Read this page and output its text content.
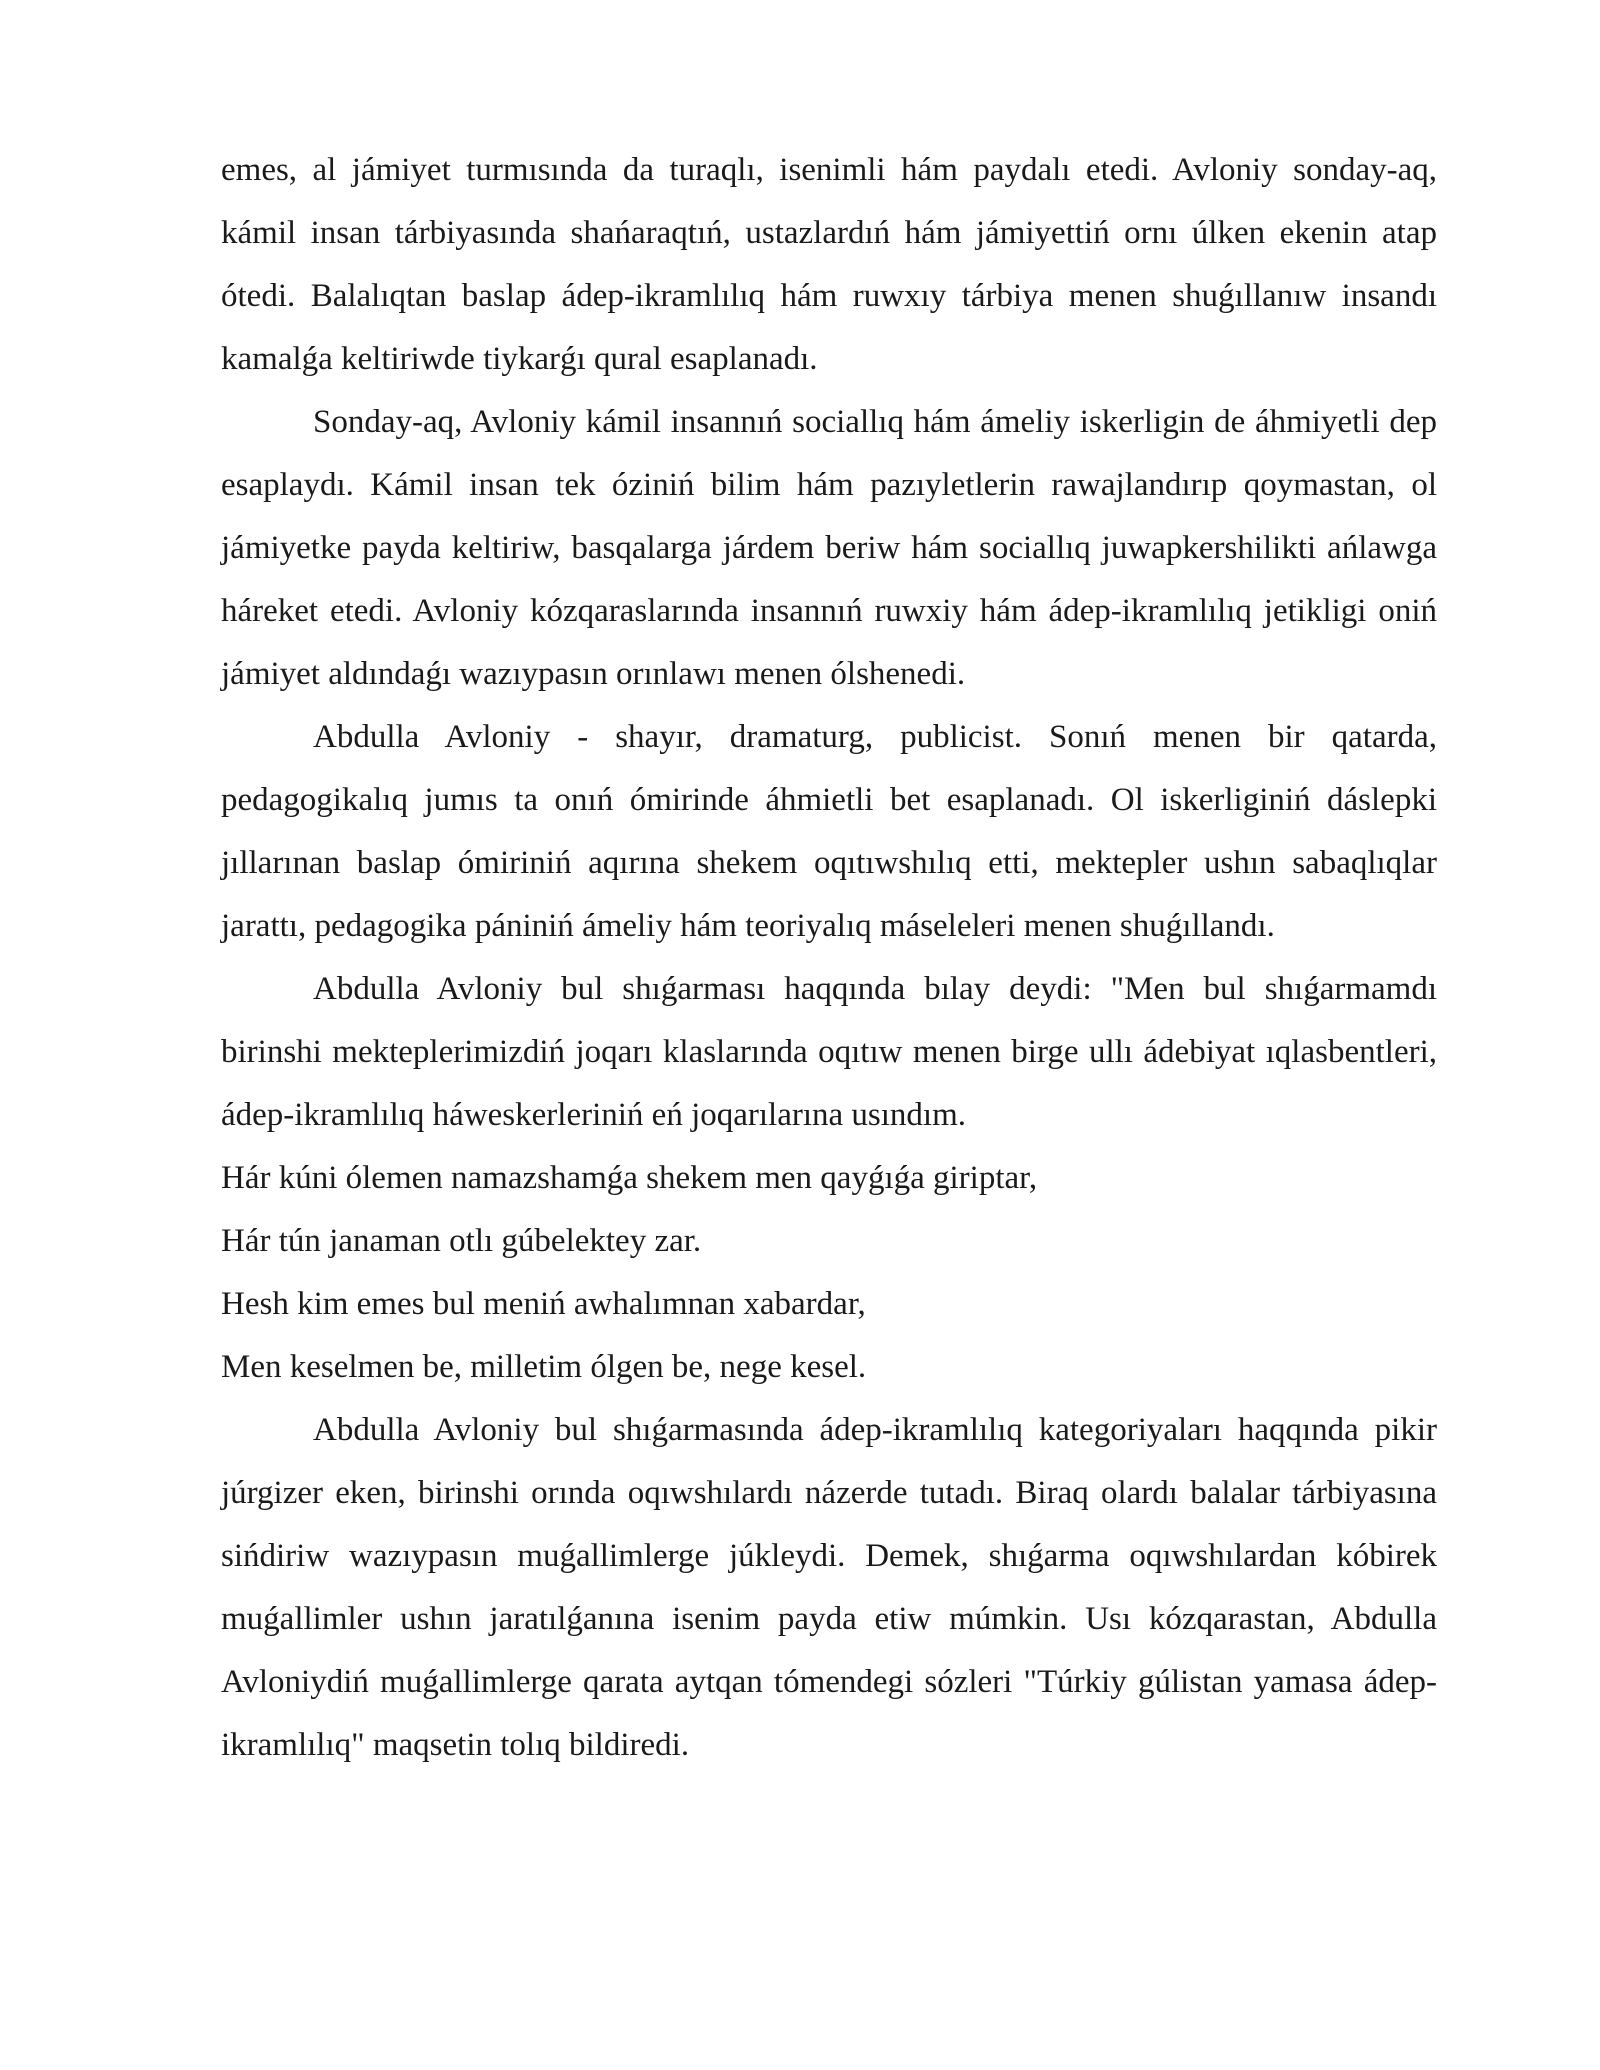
emes, al jámiyet turmısında da turaqlı, isenimli hám paydalı etedi. Avloniy sonday-aq, kámil insan tárbiyasında shańaraqtıń, ustazlardıń hám jámiyettiń ornı úlken ekenin atap ótedi. Balalıqtan baslap ádep-ikramlılıq hám ruwxıy tárbiya menen shuǵıllanıw insandı kamalǵa keltiriwde tiykarǵı qural esaplanadı.

Sonday-aq, Avloniy kámil insannıń sociallıq hám ámeliy iskerligin de áhmiyetli dep esaplaydı. Kámil insan tek óziniń bilim hám pazıyletlerin rawajlandırıp qoymastan, ol jámiyetke payda keltiriw, basqalarga járdem beriw hám sociallıq juwapkershilikti ańlawga háreket etedi. Avloniy kózqaraslarında insannıń ruwxiy hám ádep-ikramlılıq jetikligi oniń jámiyet aldındaǵı wazıypasın orınlawı menen ólshenedi.

Abdulla Avloniy - shayır, dramaturg, publicist. Sonıń menen bir qatarda, pedagogikalıq jumıs ta onıń ómirinde áhmietli bet esaplanadı. Ol iskerliginiń dáslepki jıllarınan baslap ómiriniń aqırına shekem oqıtıwshılıq etti, mektepler ushın sabaqlıqlar jarattı, pedagogika pániniń ámeliy hám teoriyalıq máseleleri menen shuǵıllandı.

Abdulla Avloniy bul shıǵarması haqqında bılay deydi: "Men bul shıǵarmamdı birinshi mekteplerimizdiń joqarı klaslarında oqıtıw menen birge ullı ádebiyat ıqlasbentleri, ádep-ikramlılıq háweskerleriniń eń joqarılarına usındım.

Hár kúni ólemen namazshamǵa shekem men qayǵıǵa giriptar,

Hár tún janaman otlı gúbelektey zar.

Hesh kim emes bul meniń awhalımnan xabardar,

Men keselmen be, milletim ólgen be, nege kesel.

Abdulla Avloniy bul shıǵarmasında ádep-ikramlılıq kategoriyaları haqqında pikir júrgizer eken, birinshi orında oqıwshılardı názerde tutadı. Biraq olardı balalar tárbiyasına sińdiriw wazıypasın muǵallimlerge júkleydi. Demek, shıǵarma oqıwshılardan kóbirek muǵallimler ushın jaratılǵanına isenim payda etiw múmkin. Usı kózqarastan, Abdulla Avloniydiń muǵallimlerge qarata aytqan tómendegi sózleri "Túrkiy gúlistan yamasa ádep-ikramlılıq" maqsetin tolıq bildiredi.
